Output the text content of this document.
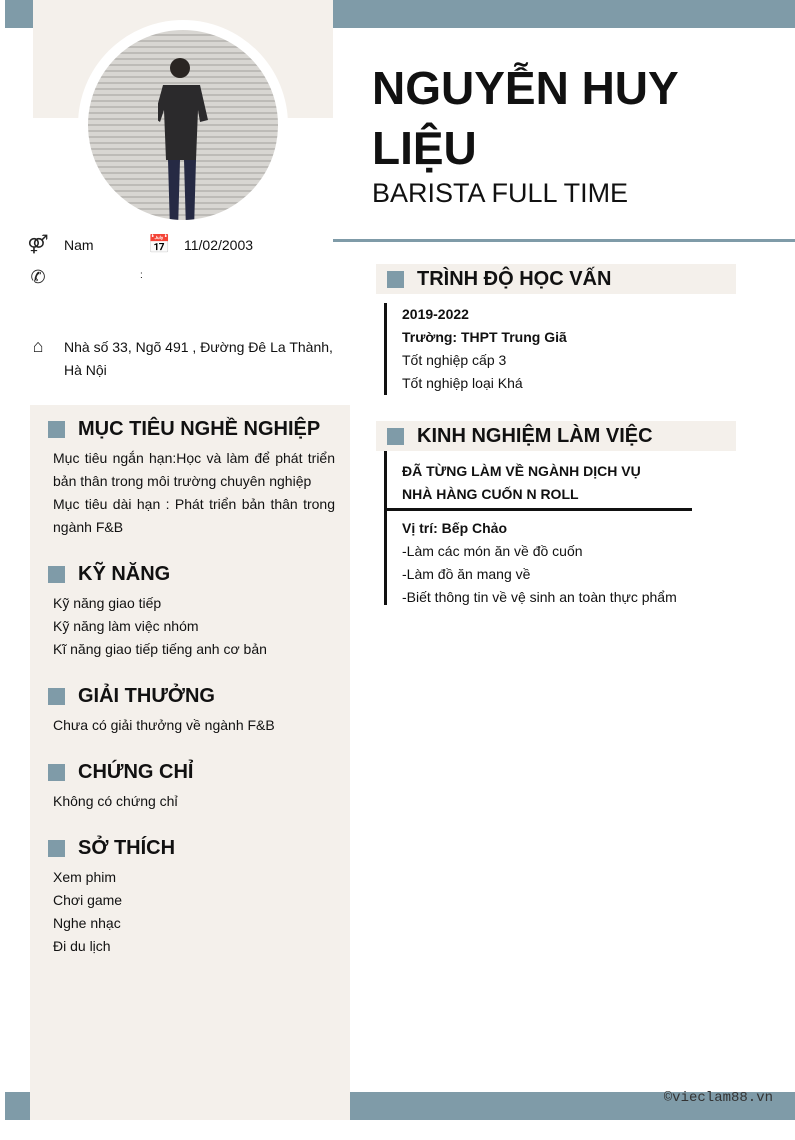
NGUYỄN HUY LIỆU
BARISTA FULL TIME
⚤ Nam	📅 11/02/2003
✆	:
⌂	Nhà số 33, Ngõ 491 , Đường Đê La Thành, Hà Nội
MỤC TIÊU NGHỀ NGHIỆP
Mục tiêu ngắn hạn:Học và làm để phát triển bản thân trong môi trường chuyên nghiệp
Mục tiêu dài hạn : Phát triển bản thân trong ngành F&B
KỸ NĂNG
Kỹ năng giao tiếp
Kỹ năng làm việc nhóm
Kĩ năng giao tiếp tiếng anh cơ bản
GIẢI THƯỞNG
Chưa có giải thưởng về ngành F&B
CHỨNG CHỈ
Không có chứng chỉ
SỞ THÍCH
Xem phim
Chơi game
Nghe nhạc
Đi du lịch
TRÌNH ĐỘ HỌC VẤN
2019-2022
Trường: THPT Trung Giã
Tốt nghiệp cấp 3
Tốt nghiệp loại Khá
KINH NGHIỆM LÀM VIỆC
ĐÃ TỪNG LÀM VỀ NGÀNH DỊCH VỤ
NHÀ HÀNG CUỐN N ROLL
Vị trí: Bếp Chảo
-Làm các món ăn về đồ cuốn
-Làm đồ ăn mang về
-Biết thông tin về vệ sinh an toàn thực phẩm
©vieclam88.vn
